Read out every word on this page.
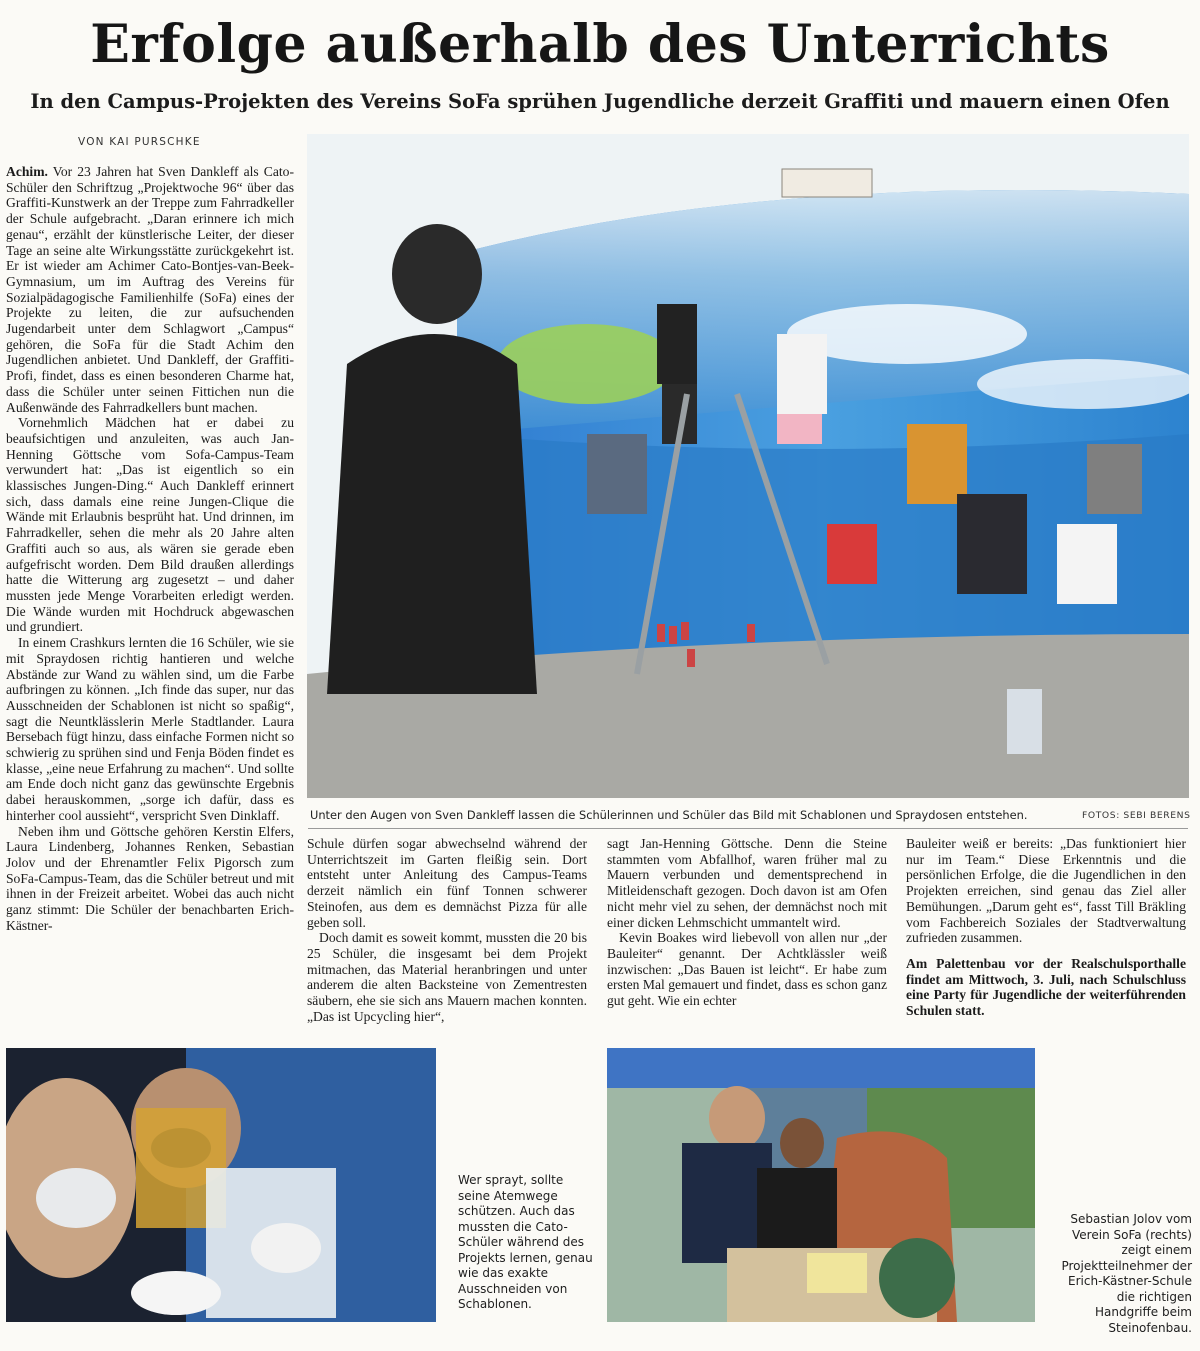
Erfolge außerhalb des Unterrichts
In den Campus-Projekten des Vereins SoFa sprühen Jugendliche derzeit Graffiti und mauern einen Ofen
VON KAI PURSCHKE

Achim. Vor 23 Jahren hat Sven Dankleff als Cato-Schüler den Schriftzug „Projektwoche 96“ über das Graffiti-Kunstwerk an der Treppe zum Fahrradkeller der Schule aufgebracht. „Daran erinnere ich mich genau“, erzählt der künstlerische Leiter, der dieser Tage an seine alte Wirkungsstätte zurückgekehrt ist. Er ist wieder am Achimer Cato-Bontjes-van-Beek-Gymnasium, um im Auftrag des Vereins für Sozialpädagogische Familienhilfe (SoFa) eines der Projekte zu leiten, die zur aufsuchenden Jugendarbeit unter dem Schlagwort „Campus“ gehören, die SoFa für die Stadt Achim den Jugendlichen anbietet. Und Dankleff, der Graffiti-Profi, findet, dass es einen besonderen Charme hat, dass die Schüler unter seinen Fittichen nun die Außenwände des Fahrradkellers bunt machen.

Vornehmlich Mädchen hat er dabei zu beaufsichtigen und anzuleiten, was auch Jan-Henning Göttsche vom Sofa-Campus-Team verwundert hat: „Das ist eigentlich so ein klassisches Jungen-Ding.“ Auch Dankleff erinnert sich, dass damals eine reine Jungen-Clique die Wände mit Erlaubnis besprüht hat. Und drinnen, im Fahrradkeller, sehen die mehr als 20 Jahre alten Graffiti auch so aus, als wären sie gerade eben aufgefrischt worden. Dem Bild draußen allerdings hatte die Witterung arg zugesetzt – und daher mussten jede Menge Vorarbeiten erledigt werden. Die Wände wurden mit Hochdruck abgewaschen und grundiert.

In einem Crashkurs lernten die 16 Schüler, wie sie mit Spraydosen richtig hantieren und welche Abstände zur Wand zu wählen sind, um die Farbe aufbringen zu können. „Ich finde das super, nur das Ausschneiden der Schablonen ist nicht so spaßig“, sagt die Neuntklässlerin Merle Stadtlander. Laura Bersebach fügt hinzu, dass einfache Formen nicht so schwierig zu sprühen sind und Fenja Böden findet es klasse, „eine neue Erfahrung zu machen“. Und sollte am Ende doch nicht ganz das gewünschte Ergebnis dabei herauskommen, „sorge ich dafür, dass es hinterher cool aussieht“, verspricht Sven Dinklaff.

Neben ihm und Göttsche gehören Kerstin Elfers, Laura Lindenberg, Johannes Renken, Sebastian Jolov und der Ehrenamtler Felix Pigorsch zum SoFa-Campus-Team, das die Schüler betreut und mit ihnen in der Freizeit arbeitet. Wobei das auch nicht ganz stimmt: Die Schüler der benachbarten Erich-Kästner-

Unter den Augen von Sven Dankleff lassen die Schülerinnen und Schüler das Bild mit Schablonen und Spraydosen entstehen.	FOTOS: SEBI BERENS

Schule dürfen sogar abwechselnd während der Unterrichtszeit im Garten fleißig sein. Dort entsteht unter Anleitung des Campus-Teams derzeit nämlich ein fünf Tonnen schwerer Steinofen, aus dem es demnächst Pizza für alle geben soll.

Doch damit es soweit kommt, mussten die 20 bis 25 Schüler, die insgesamt bei dem Projekt mitmachen, das Material heranbringen und unter anderem die alten Backsteine von Zementresten säubern, ehe sie sich ans Mauern machen konnten. „Das ist Upcycling hier“,

sagt Jan-Henning Göttsche. Denn die Steine stammten vom Abfallhof, waren früher mal zu Mauern verbunden und dementsprechend in Mitleidenschaft gezogen. Doch davon ist am Ofen nicht mehr viel zu sehen, der demnächst noch mit einer dicken Lehmschicht ummantelt wird.

Kevin Boakes wird liebevoll von allen nur „der Bauleiter“ genannt. Der Achtklässler weiß inzwischen: „Das Bauen ist leicht“. Er habe zum ersten Mal gemauert und findet, dass es schon ganz gut geht. Wie ein echter

Bauleiter weiß er bereits: „Das funktioniert hier nur im Team.“ Diese Erkenntnis und die persönlichen Erfolge, die die Jugendlichen in den Projekten erreichen, sind genau das Ziel aller Bemühungen. „Darum geht es“, fasst Till Bräkling vom Fachbereich Soziales der Stadtverwaltung zufrieden zusammen.

Am Palettenbau vor der Realschulsporthalle findet am Mittwoch, 3. Juli, nach Schulschluss eine Party für Jugendliche der weiterführenden Schulen statt.

Wer sprayt, sollte seine Atemwege schützen. Auch das mussten die Cato-Schüler während des Projekts lernen, genau wie das exakte Ausschneiden von Schablonen.
Sebastian Jolov vom Verein SoFa (rechts) zeigt einem Projektteilnehmer der Erich-Kästner-Schule die richtigen Handgriffe beim Steinofenbau.
